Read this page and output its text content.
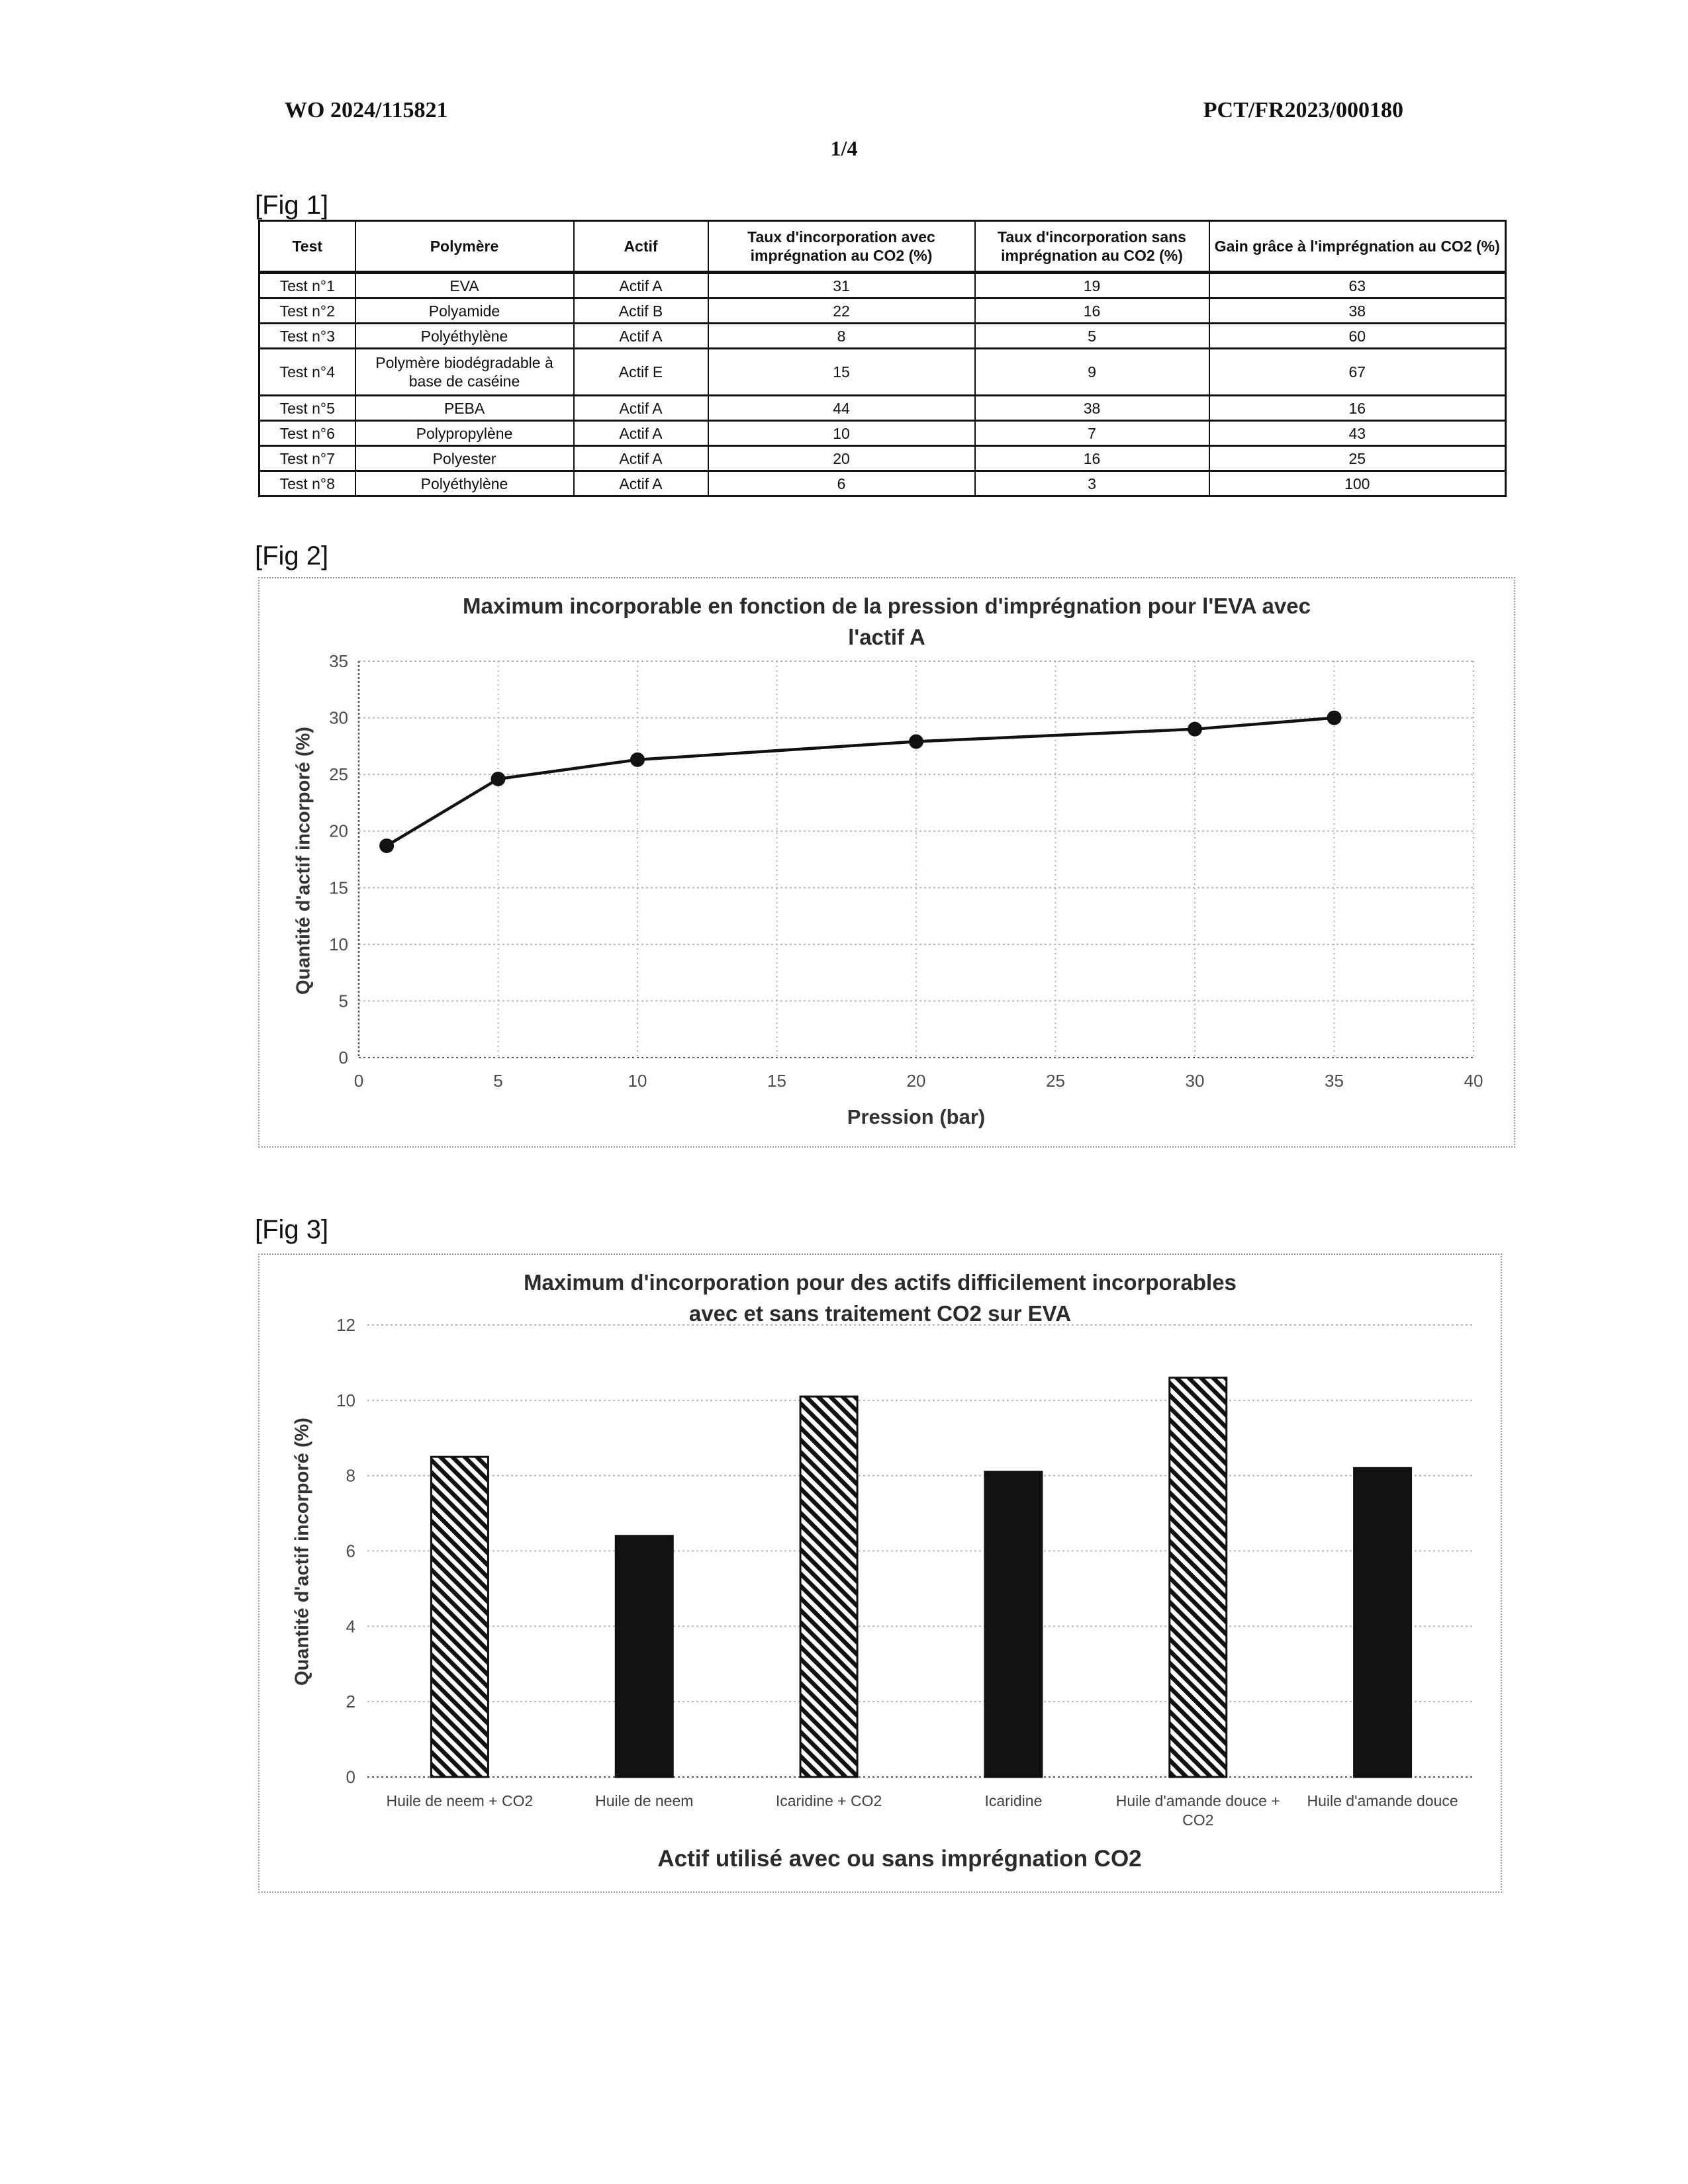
WO 2024/115821	PCT/FR2023/000180
1/4
[Fig 1]
Test	Polymère	Actif	Taux d'incorporation avec imprégnation au CO2 (%)	Taux d'incorporation sans imprégnation au CO2 (%)	Gain grâce à l'imprégnation au CO2 (%)
Test n°1	EVA	Actif A	31	19	63
Test n°2	Polyamide	Actif B	22	16	38
Test n°3	Polyéthylène	Actif A	8	5	60
Test n°4	Polymère biodégradable à base de caséine	Actif E	15	9	67
Test n°5	PEBA	Actif A	44	38	16
Test n°6	Polypropylène	Actif A	10	7	43
Test n°7	Polyester	Actif A	20	16	25
Test n°8	Polyéthylène	Actif A	6	3	100
[Fig 2]
Maximum incorporable en fonction de la pression d'imprégnation pour l'EVA avec
l'actif A
0	5	10	15	20	25	30	35	40
0
5
10
15
20
25
30
35
Quantité d'actif incorporé (%)
Pression (bar)
[Fig 3]
Maximum d'incorporation pour des actifs difficilement incorporables
avec et sans traitement CO2 sur EVA
0
2
4
6
8
10
12
Huile de neem + CO2	Huile de neem	Icaridine + CO2	Icaridine	Huile d'amande douce + CO2
Huile d'amande douce
Quantité d'actif incorporé (%)
Actif utilisé avec ou sans imprégnation CO2
